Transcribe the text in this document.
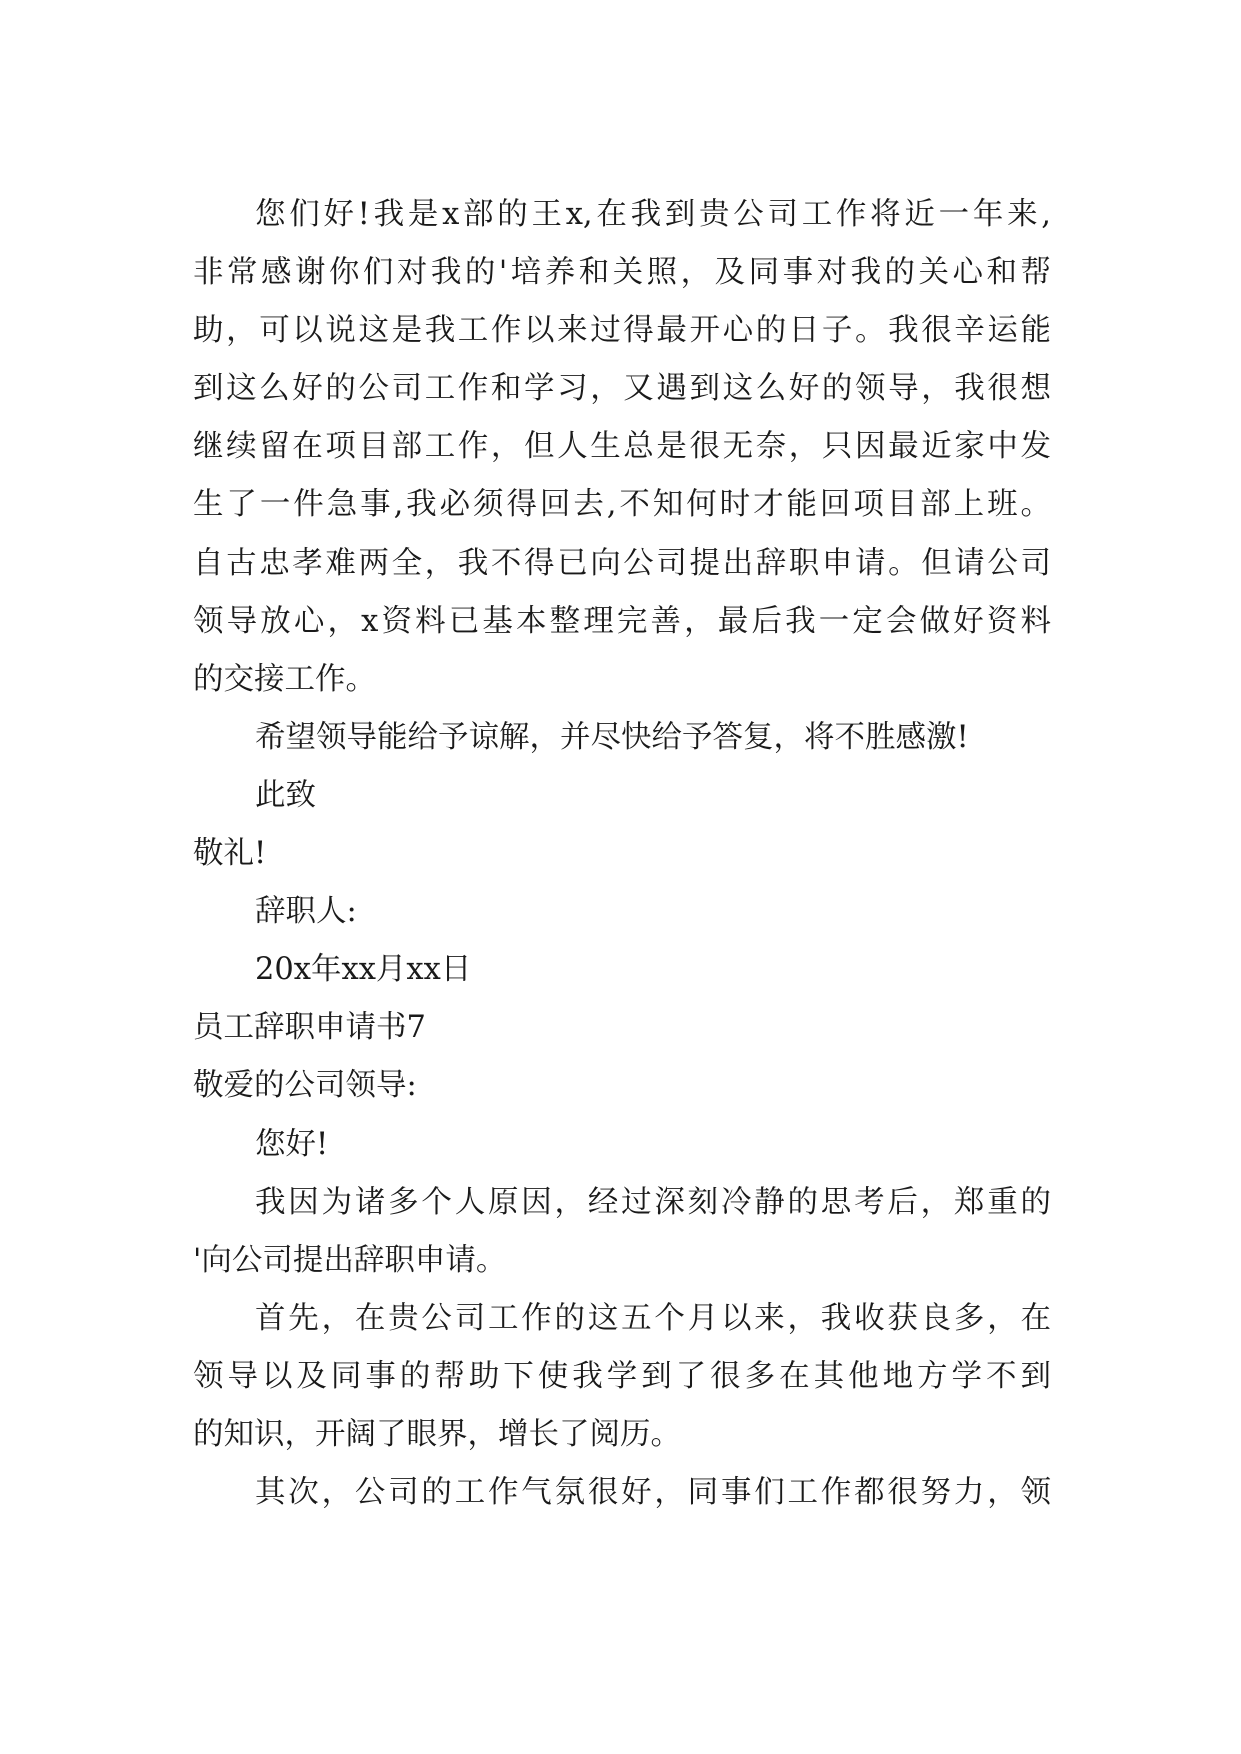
您们好!我是x部的王x,在我到贵公司工作将近一年来,
非常感谢你们对我的'培养和关照，及同事对我的关心和帮
助，可以说这是我工作以来过得最开心的日子。我很辛运能
到这么好的公司工作和学习，又遇到这么好的领导，我很想
继续留在项目部工作，但人生总是很无奈，只因最近家中发
生了一件急事,我必须得回去,不知何时才能回项目部上班。
自古忠孝难两全，我不得已向公司提出辞职申请。但请公司
领导放心，x资料已基本整理完善，最后我一定会做好资料
的交接工作。
希望领导能给予谅解，并尽快给予答复，将不胜感激!
此致
敬礼!
辞职人:
20x年xx月xx日
员工辞职申请书7
敬爱的公司领导:
您好!
我因为诸多个人原因，经过深刻冷静的思考后，郑重的
'向公司提出辞职申请。
首先，在贵公司工作的这五个月以来，我收获良多，在
领导以及同事的帮助下使我学到了很多在其他地方学不到
的知识，开阔了眼界，增长了阅历。
其次，公司的工作气氛很好，同事们工作都很努力，领
